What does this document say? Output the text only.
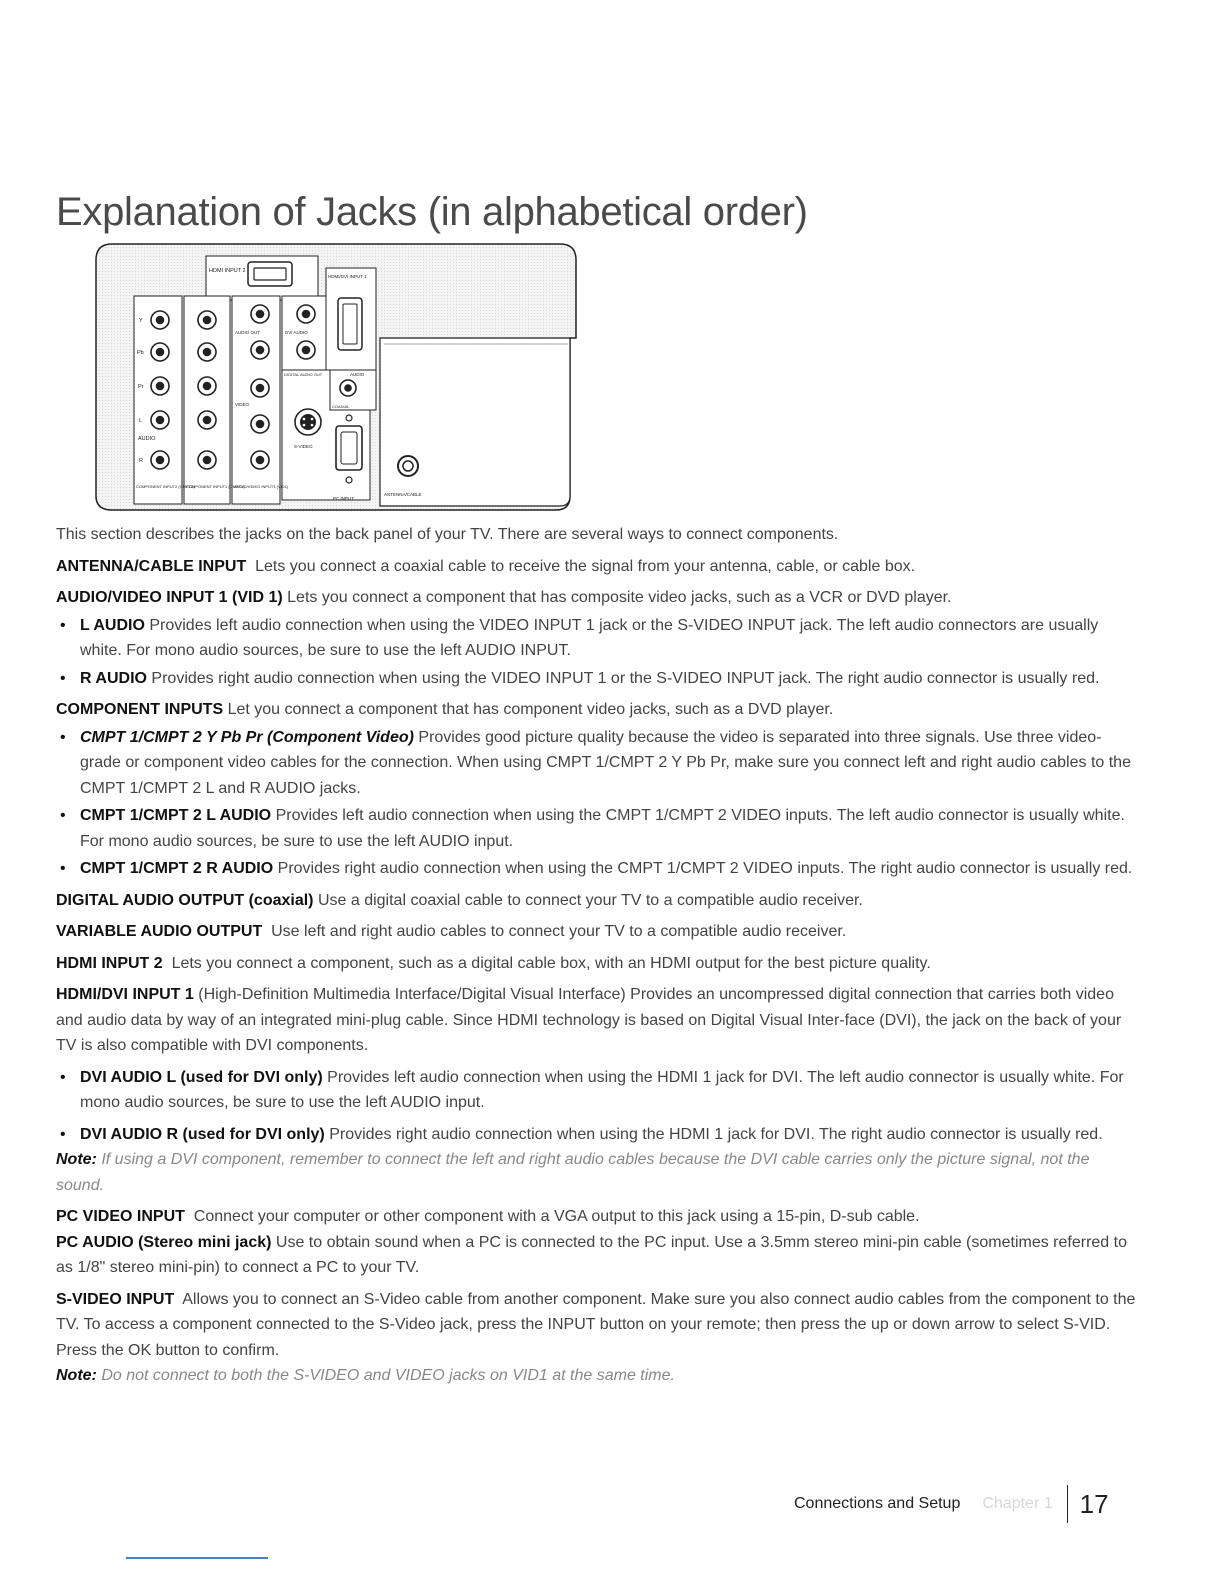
Explanation of Jacks (in alphabetical order)
HDMI INPUT 2
HDMI/DVI INPUT 1
Y
Pb
Pr
L
AUDIO
R
COMPONENT INPUT2 (CMPT2)
COMPONENT INPUT1 (CMPT1)
AUDIO/VIDEO INPUT1 (VID1)
AUDIO OUT	DVI AUDIO
DIGITAL AUDIO OUT
COAXIAL
AUDIO
VIDEO
S-VIDEO
PC INPUT
ANTENNA/CABLE

This section describes the jacks on the back panel of your TV. There are several ways to connect components.

ANTENNA/CABLE INPUT Lets you connect a coaxial cable to receive the signal from your antenna, cable, or cable box.

AUDIO/VIDEO INPUT 1 (VID 1) Lets you connect a component that has composite video jacks, such as a VCR or DVD player.

• L AUDIO Provides left audio connection when using the VIDEO INPUT 1 jack or the S-VIDEO INPUT jack. The left audio connectors are usually white. For mono audio sources, be sure to use the left AUDIO INPUT.
• R AUDIO Provides right audio connection when using the VIDEO INPUT 1 or the S-VIDEO INPUT jack. The right audio connector is usually red.

COMPONENT INPUTS Let you connect a component that has component video jacks, such as a DVD player.

• CMPT 1/CMPT 2 Y Pb Pr (Component Video) Provides good picture quality because the video is separated into three signals. Use three video-grade or component video cables for the connection. When using CMPT 1/CMPT 2 Y Pb Pr, make sure you connect left and right audio cables to the CMPT 1/CMPT 2 L and R AUDIO jacks.
• CMPT 1/CMPT 2 L AUDIO Provides left audio connection when using the CMPT 1/CMPT 2 VIDEO inputs. The left audio connector is usually white. For mono audio sources, be sure to use the left AUDIO input.
• CMPT 1/CMPT 2 R AUDIO Provides right audio connection when using the CMPT 1/CMPT 2 VIDEO inputs. The right audio connector is usually red.

DIGITAL AUDIO OUTPUT (coaxial) Use a digital coaxial cable to connect your TV to a compatible audio receiver.

VARIABLE AUDIO OUTPUT Use left and right audio cables to connect your TV to a compatible audio receiver.

HDMI INPUT 2 Lets you connect a component, such as a digital cable box, with an HDMI output for the best picture quality.

HDMI/DVI INPUT 1 (High-Definition Multimedia Interface/Digital Visual Interface) Provides an uncompressed digital connection that carries both video and audio data by way of an integrated mini-plug cable. Since HDMI technology is based on Digital Visual Inter-face (DVI), the jack on the back of your TV is also compatible with DVI components.

• DVI AUDIO L (used for DVI only) Provides left audio connection when using the HDMI 1 jack for DVI. The left audio connector is usually white. For mono audio sources, be sure to use the left AUDIO input.
• DVI AUDIO R (used for DVI only) Provides right audio connection when using the HDMI 1 jack for DVI. The right audio connector is usually red.

Note: If using a DVI component, remember to connect the left and right audio cables because the DVI cable carries only the picture signal, not the sound.

PC VIDEO INPUT Connect your computer or other component with a VGA output to this jack using a 15-pin, D-sub cable.

PC AUDIO (Stereo mini jack) Use to obtain sound when a PC is connected to the PC input. Use a 3.5mm stereo mini-pin cable (sometimes referred to as 1/8" stereo mini-pin) to connect a PC to your TV.

S-VIDEO INPUT Allows you to connect an S-Video cable from another component. Make sure you also connect audio cables from the component to the TV. To access a component connected to the S-Video jack, press the INPUT button on your remote; then press the up or down arrow to select S-VID. Press the OK button to confirm.

Note: Do not connect to both the S-VIDEO and VIDEO jacks on VID1 at the same time.

Connections and Setup Chapter 1 17
